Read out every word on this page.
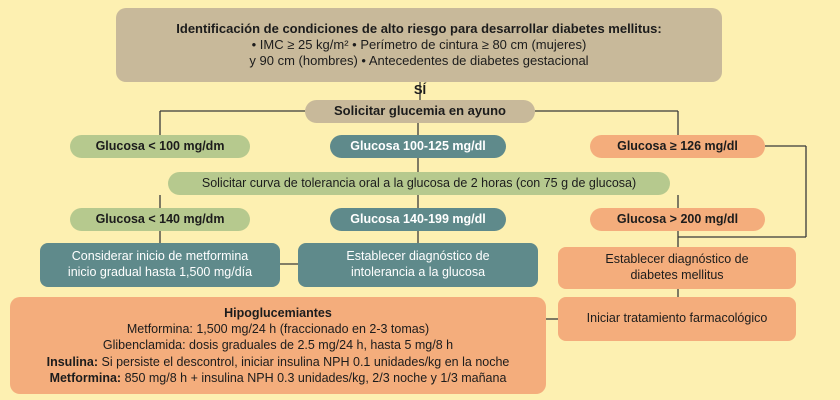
Identificación de condiciones de alto riesgo para desarrollar diabetes mellitus:
• IMC ≥ 25 kg/m² • Perímetro de cintura ≥ 80 cm (mujeres)
y 90 cm (hombres) • Antecedentes de diabetes gestacional
SÍ
Solicitar glucemia en ayuno
Glucosa < 100 mg/dm	Glucosa 100-125 mg/dl	Glucosa ≥ 126 mg/dl
Solicitar curva de tolerancia oral a la glucosa de 2 horas (con 75 g de glucosa)
Glucosa < 140 mg/dm	Glucosa 140-199 mg/dl	Glucosa > 200 mg/dl
Considerar inicio de metformina
inicio gradual hasta 1,500 mg/día
Establecer diagnóstico de
intolerancia a la glucosa
Establecer diagnóstico de
diabetes mellitus
Iniciar tratamiento farmacológico
Hipoglucemiantes
Metformina: 1,500 mg/24 h (fraccionado en 2-3 tomas)
Glibenclamida: dosis graduales de 2.5 mg/24 h, hasta 5 mg/8 h
Insulina: Si persiste el descontrol, iniciar insulina NPH 0.1 unidades/kg en la noche
Metformina: 850 mg/8 h + insulina NPH 0.3 unidades/kg, 2/3 noche y 1/3 mañana
